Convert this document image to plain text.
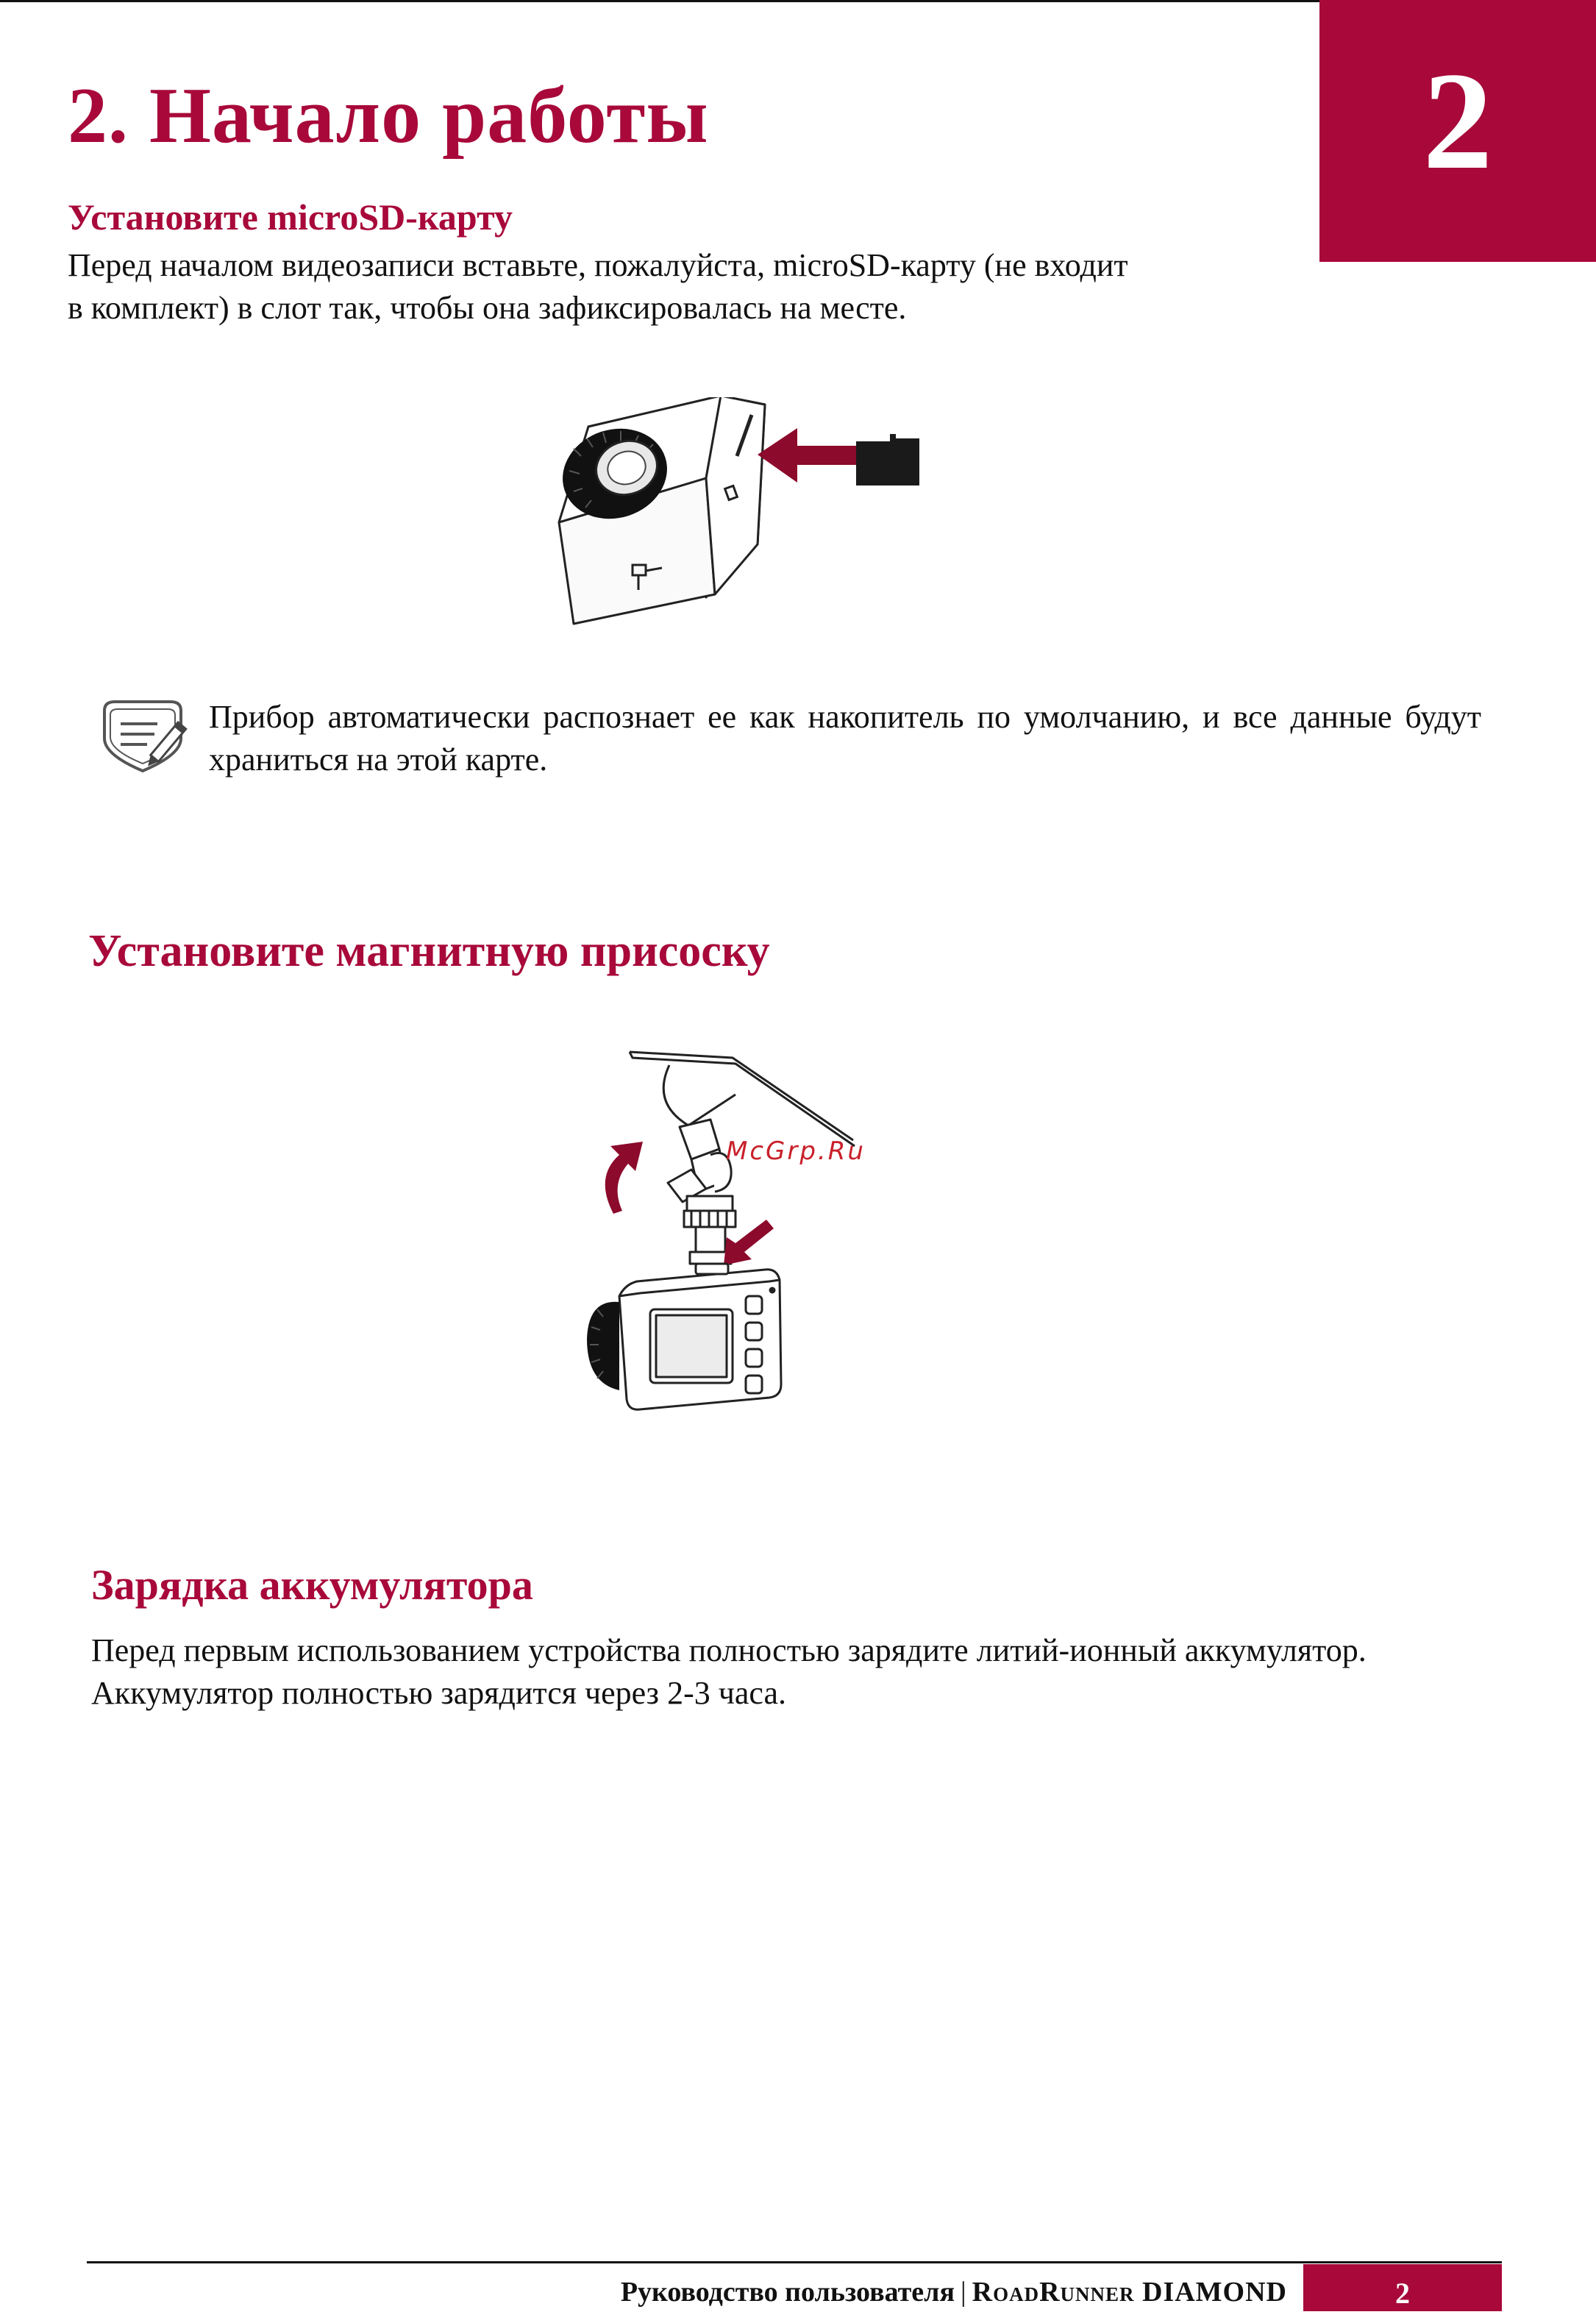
2
2. Начало работы
Установите microSD-карту

Перед началом видеозаписи вставьте, пожалуйста, microSD-карту (не входит в комплект) в слот так, чтобы она зафиксировалась на месте.

Прибор автоматически распознает ее как накопитель по умолчанию, и все данные будут храниться на этой карте.

Установите магнитную присоску
McGrp.Ru
Зарядка аккумулятора

Перед первым использованием устройства полностью зарядите литий-ионный аккумулятор. Аккумулятор полностью зарядится через 2-3 часа.

Руководство пользователя | RoadRunner DIAMOND	2
